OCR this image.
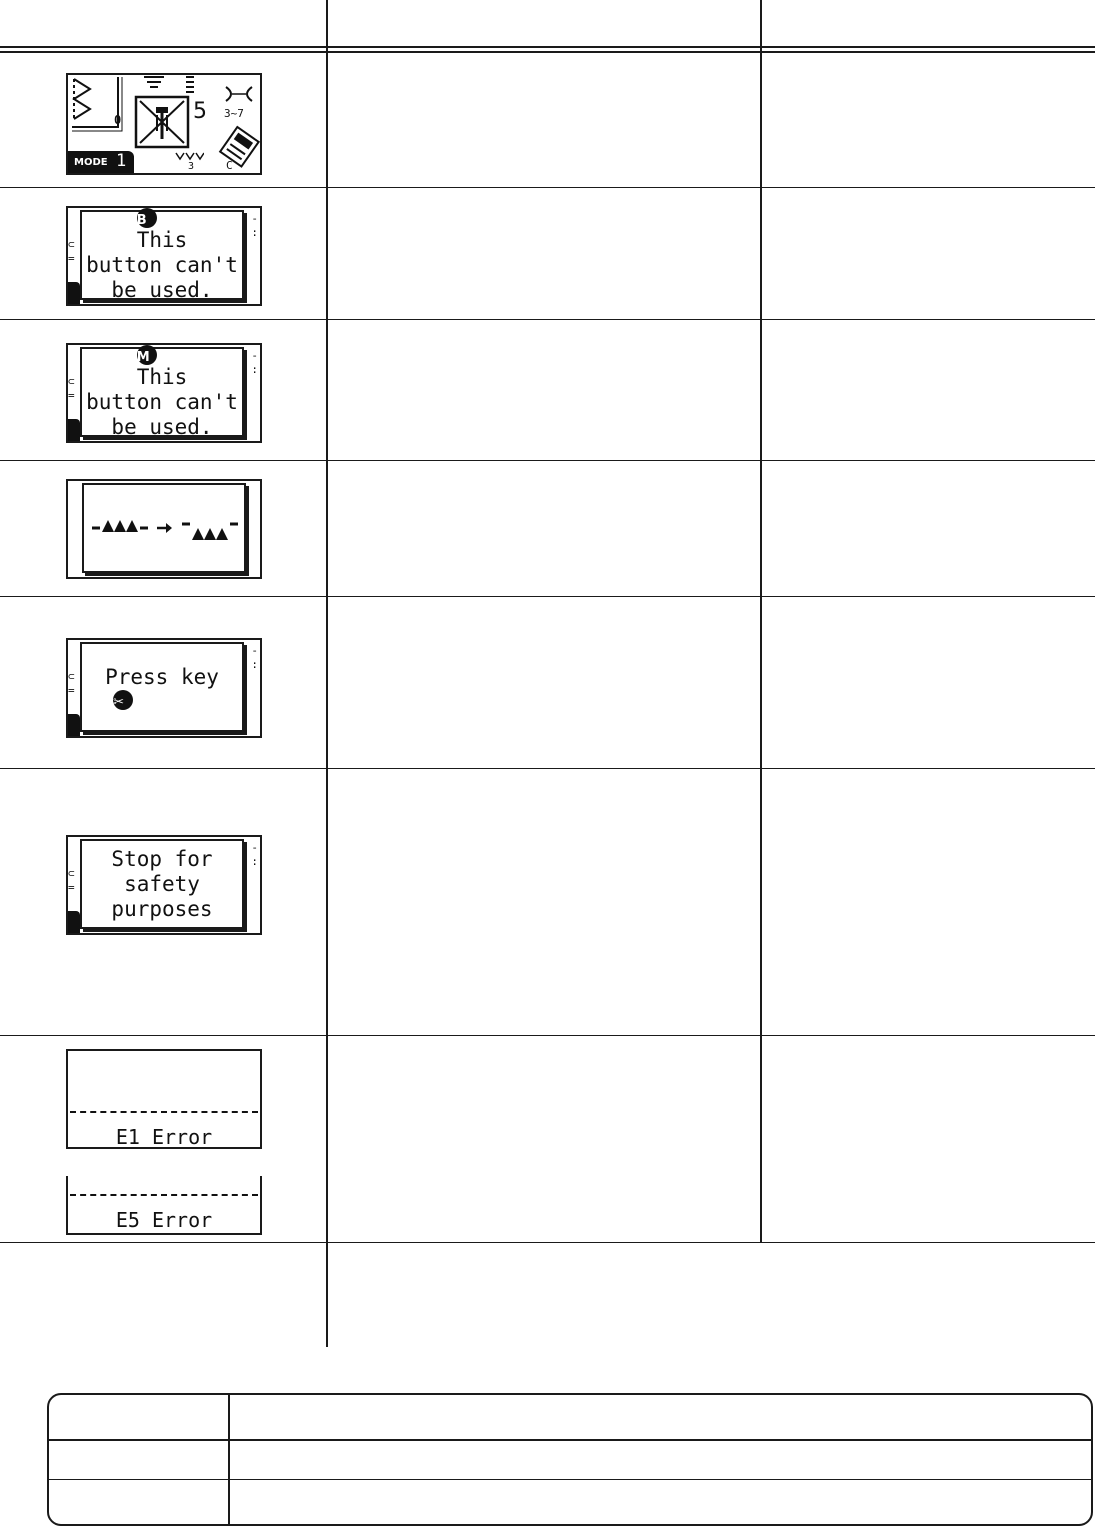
0	5 3~7
3	C
MODE 1
⊂
=
-
:
B
This
button can't
be used.
⊂
=
-
:
M
This
button can't
be used.
⊂
=
-
:
Press key
✂
⊂
=
-
:
Stop for
safety
purposes
E1 Error
E5 Error
